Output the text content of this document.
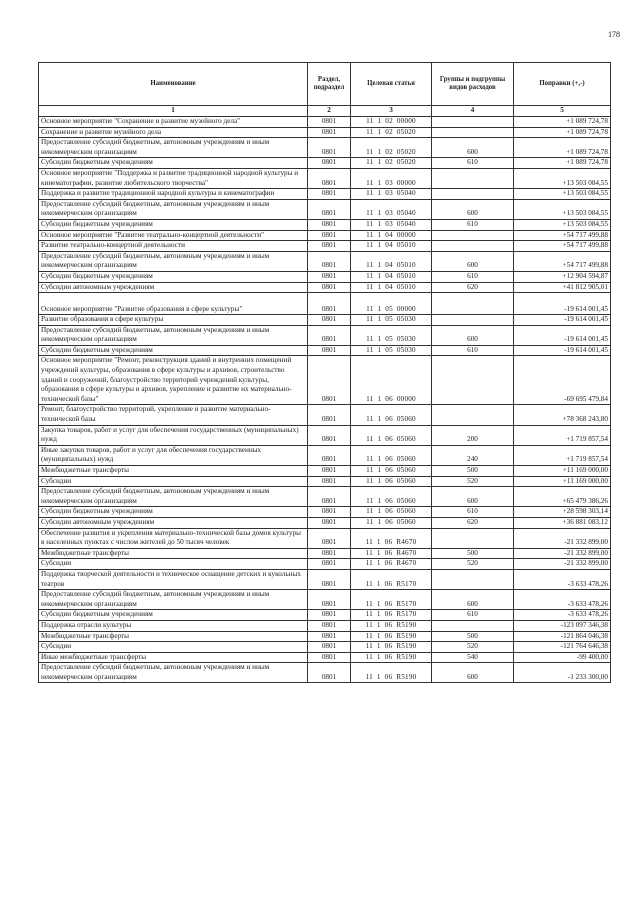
178
Наименование	Раздел, подраздел	Целевая статья	Группы и подгруппы видов расходов	Поправки (+,-)
1	2	3	4	5
Основное мероприятие "Сохранение и развитие музейного дела"	0801	11  1  02  00000		+1 089 724,78
Сохранение и развитие музейного дела	0801	11  1  02  05020		+1 089 724,78
Предоставление субсидий бюджетным, автономным учреждениям и иным некоммерческим организациям	0801	11  1  02  05020	600	+1 089 724,78
Субсидии бюджетным учреждениям	0801	11  1  02  05020	610	+1 089 724,78
Основное мероприятие "Поддержка и развитие традиционной народной культуры и кинематографии, развитие любительского творчества"	0801	11  1  03  00000		+13 503 084,55
Поддержка и развитие традиционной народной культуры и кинематографии	0801	11  1  03  05040		+13 503 084,55
Предоставление субсидий бюджетным, автономным учреждениям и иным некоммерческим организациям	0801	11  1  03  05040	600	+13 503 084,55
Субсидии бюджетным учреждениям	0801	11  1  03  05040	610	+13 503 084,55
Основное мероприятие "Развитие театрально-концертной деятельности"	0801	11  1  04  00000		+54 717 499,88
Развитие театрально-концертной деятельности	0801	11  1  04  05010		+54 717 499,88
Предоставление субсидий бюджетным, автономным учреждениям и иным некоммерческим организациям	0801	11  1  04  05010	600	+54 717 499,88
Субсидии бюджетным учреждениям	0801	11  1  04  05010	610	+12 904 594,87
Субсидии автономным учреждениям	0801	11  1  04  05010	620	+41 812 905,01
Основное мероприятие "Развитие образования в сфере культуры"	0801	11  1  05  00000		-19 614 001,45
Развитие образования в сфере культуры	0801	11  1  05  05030		-19 614 001,45
Предоставление субсидий бюджетным, автономным учреждениям и иным некоммерческим организациям	0801	11  1  05  05030	600	-19 614 001,45
Субсидии бюджетным учреждениям	0801	11  1  05  05030	610	-19 614 001,45
Основное мероприятие "Ремонт, реконструкция зданий и внутренних помещений учреждений культуры, образования в сфере культуры и архивов, строительство зданий и сооружений, благоустройство территорий учреждений культуры, образования в сфере культуры и архивов, укрепление и развитие их материально-технической базы"	0801	11  1  06  00000		-69 695 479,84
Ремонт, благоустройство территорий, укрепление и развитие материально-технической базы	0801	11  1  06  05060		+78 368 243,80
Закупка товаров, работ и услуг для обеспечения государственных (муниципальных) нужд	0801	11  1  06  05060	200	+1 719 857,54
Иные закупки товаров, работ и услуг для обеспечения государственных (муниципальных) нужд	0801	11  1  06  05060	240	+1 719 857,54
Межбюджетные трансферты	0801	11  1  06  05060	500	+11 169 000,00
Субсидии	0801	11  1  06  05060	520	+11 169 000,00
Предоставление субсидий бюджетным, автономным учреждениям и иным некоммерческим организациям	0801	11  1  06  05060	600	+65 479 386,26
Субсидии бюджетным учреждениям	0801	11  1  06  05060	610	+28 598 303,14
Субсидии автономным учреждениям	0801	11  1  06  05060	620	+36 881 083,12
Обеспечение развития и укрепления материально-технической базы домов культуры в населенных пунктах с числом жителей до 50 тысяч человек	0801	11  1  06  R4670		-21 332 899,00
Межбюджетные трансферты	0801	11  1  06  R4670	500	-21 332 899,00
Субсидии	0801	11  1  06  R4670	520	-21 332 899,00
Поддержка творческой деятельности и техническое оснащение детских и кукольных театров	0801	11  1  06  R5170		-3 633 478,26
Предоставление субсидий бюджетным, автономным учреждениям и иным некоммерческим организациям	0801	11  1  06  R5170	600	-3 633 478,26
Субсидии бюджетным учреждениям	0801	11  1  06  R5170	610	-3 633 478,26
Поддержка отрасли культуры	0801	11  1  06  R5190		-123 097 346,38
Межбюджетные трансферты	0801	11  1  06  R5190	500	-121 864 046,38
Субсидии	0801	11  1  06  R5190	520	-121 764 646,38
Иные межбюджетные трансферты	0801	11  1  06  R5190	540	-99 400,00
Предоставление субсидий бюджетным, автономным учреждениям и иным некоммерческим организациям	0801	11  1  06  R5190	600	-1 233 300,00
